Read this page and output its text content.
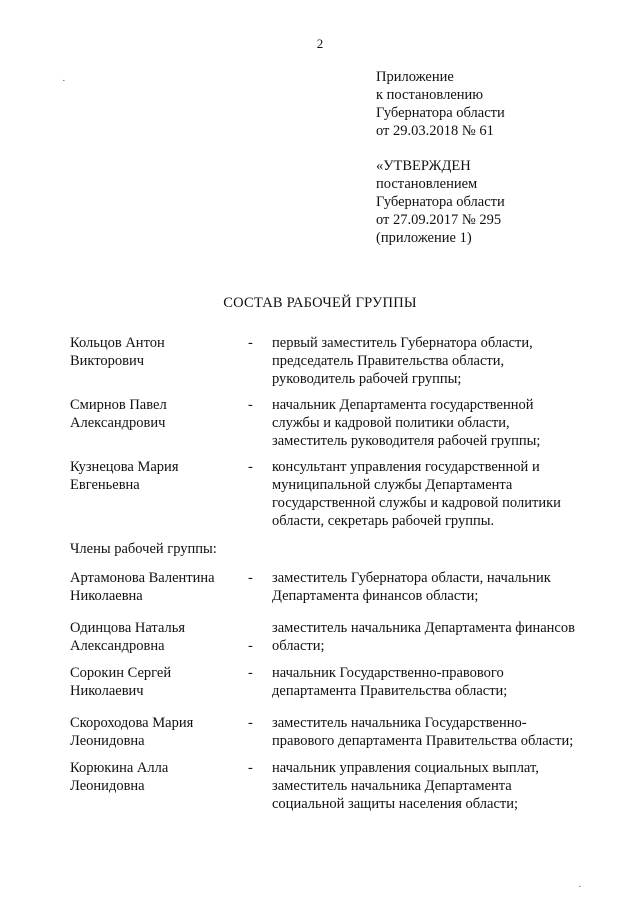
2
Приложение
к постановлению
Губернатора области
от 29.03.2018 № 61
«УТВЕРЖДЕН
постановлением
Губернатора области
от 27.09.2017 № 295
(приложение 1)
СОСТАВ РАБОЧЕЙ ГРУППЫ
Кольцов Антон
Викторович
- первый заместитель Губернатора области,
председатель Правительства области,
руководитель рабочей группы;
Смирнов Павел
Александрович
- начальник Департамента государственной
службы и кадровой политики области,
заместитель руководителя рабочей группы;
Кузнецова Мария
Евгеньевна
- консультант управления государственной и
муниципальной службы Департамента
государственной службы и кадровой политики
области, секретарь рабочей группы.
Члены рабочей группы:
Артамонова Валентина
Николаевна
- заместитель Губернатора области, начальник
Департамента финансов области;
Одинцова Наталья
Александровна	-
заместитель начальника Департамента финансов
области;
Сорокин Сергей
Николаевич
- начальник Государственно-правового
департамента Правительства области;
Скороходова Мария
Леонидовна
- заместитель начальника Государственно-
правового департамента Правительства области;
Корюкина Алла
Леонидовна
- начальник управления социальных выплат,
заместитель начальника Департамента
социальной защиты населения области;
·
·
